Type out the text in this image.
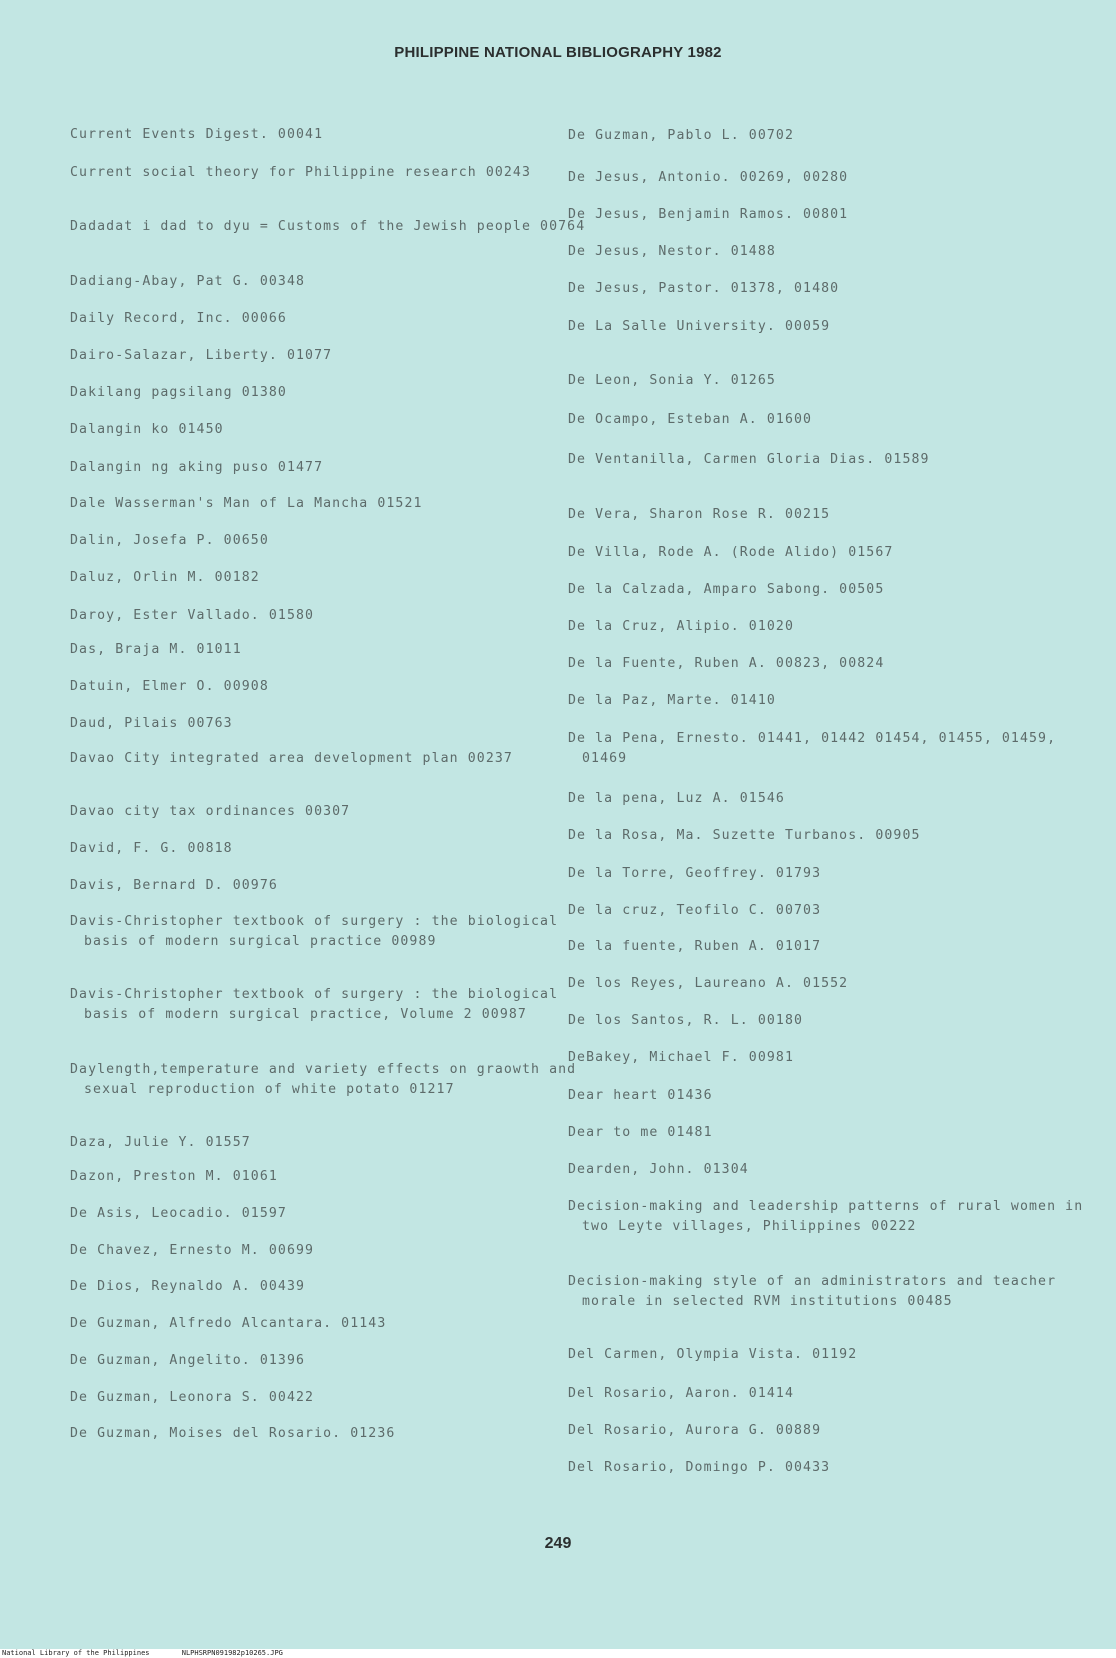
PHILIPPINE NATIONAL BIBLIOGRAPHY 1982
Current Events Digest. 00041
Current social theory for Philippine research 00243
Dadadat i dad to dyu = Customs of the Jewish people 00764
Dadiang-Abay, Pat G. 00348
Daily Record, Inc. 00066
Dairo-Salazar, Liberty. 01077
Dakilang pagsilang 01380
Dalangin ko 01450
Dalangin ng aking puso 01477
Dale Wasserman's Man of La Mancha 01521
Dalin, Josefa P. 00650
Daluz, Orlin M. 00182
Daroy, Ester Vallado. 01580
Das, Braja M. 01011
Datuin, Elmer O. 00908
Daud, Pilais 00763
Davao City integrated area development plan 00237
Davao city tax ordinances 00307
David, F. G. 00818
Davis, Bernard D. 00976
Davis-Christopher textbook of surgery : the biological basis of modern surgical practice 00989
Davis-Christopher textbook of surgery : the biological basis of modern surgical practice, Volume 2 00987
Daylength,temperature and variety effects on graowth and sexual reproduction of white potato 01217
Daza, Julie Y. 01557
Dazon, Preston M. 01061
De Asis, Leocadio. 01597
De Chavez, Ernesto M. 00699
De Dios, Reynaldo A. 00439
De Guzman, Alfredo Alcantara. 01143
De Guzman, Angelito. 01396
De Guzman, Leonora S. 00422
De Guzman, Moises del Rosario. 01236
De Guzman, Pablo L. 00702
De Jesus, Antonio. 00269, 00280
De Jesus, Benjamin Ramos. 00801
De Jesus, Nestor. 01488
De Jesus, Pastor. 01378, 01480
De La Salle University. 00059
De Leon, Sonia Y. 01265
De Ocampo, Esteban A. 01600
De Ventanilla, Carmen Gloria Dias. 01589
De Vera, Sharon Rose R. 00215
De Villa, Rode A. (Rode Alido) 01567
De la Calzada, Amparo Sabong. 00505
De la Cruz, Alipio. 01020
De la Fuente, Ruben A. 00823, 00824
De la Paz, Marte. 01410
De la Pena, Ernesto. 01441, 01442 01454, 01455, 01459, 01469
De la pena, Luz A. 01546
De la Rosa, Ma. Suzette Turbanos. 00905
De la Torre, Geoffrey. 01793
De la cruz, Teofilo C. 00703
De la fuente, Ruben A. 01017
De los Reyes, Laureano A. 01552
De los Santos, R. L. 00180
DeBakey, Michael F. 00981
Dear heart 01436
Dear to me 01481
Dearden, John. 01304
Decision-making and leadership patterns of rural women in two Leyte villages, Philippines 00222
Decision-making style of an administrators and teacher morale in selected RVM institutions 00485
Del Carmen, Olympia Vista. 01192
Del Rosario, Aaron. 01414
Del Rosario, Aurora G. 00889
Del Rosario, Domingo P. 00433
249
National Library of the Philippines	NLPHSRPN091982p10265.JPG
